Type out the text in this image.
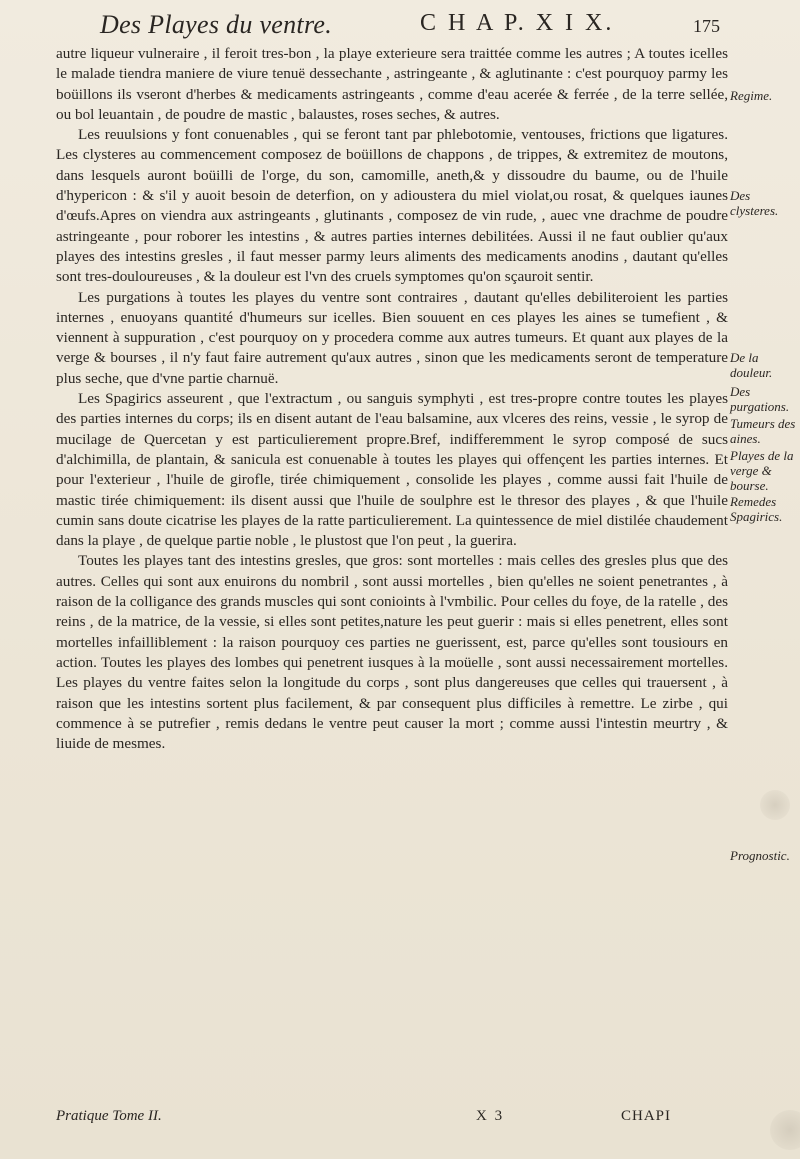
Des Playes du ventre.	C H A P. X I X.	175

autre liqueur vulneraire , il feroit tres-bon , la playe exterieure sera traittée comme les autres ; A toutes icelles le malade tiendra maniere de viure tenuë dessechante , astringeante , & aglutinante : c'est pourquoy parmy les boüillons ils vseront d'herbes & medicaments astringeants , comme d'eau acerée & ferrée , de la terre sellée, ou bol leuantain , de poudre de mastic , balaustes, roses seches, & autres.

Les reuulsions y font conuenables , qui se feront tant par phlebotomie, ventouses, frictions que ligatures. Les clysteres au commencement composez de boüillons de chappons , de trippes, & extremitez de moutons, dans lesquels auront boüilli de l'orge, du son, camomille, aneth,& y dissoudre du baume, ou de l'huile d'hypericon : & s'il y auoit besoin de deterfion, on y adioustera du miel violat,ou rosat, & quelques iaunes d'œufs.Apres on viendra aux astringeants , glutinants , composez de vin rude, , auec vne drachme de poudre astringeante , pour roborer les intestins , & autres parties internes debilitées. Aussi il ne faut oublier qu'aux playes des intestins gresles , il faut messer parmy leurs aliments des medicaments anodins , dautant qu'elles sont tres-douloureuses , & la douleur est l'vn des cruels symptomes qu'on sçauroit sentir.

Les purgations à toutes les playes du ventre sont contraires , dautant qu'elles debiliteroient les parties internes , enuoyans quantité d'humeurs sur icelles. Bien souuent en ces playes les aines se tumefient , & viennent à suppuration , c'est pourquoy on y procedera comme aux autres tumeurs. Et quant aux playes de la verge & bourses , il n'y faut faire autrement qu'aux autres , sinon que les medicaments seront de temperature plus seche, que d'vne partie charnuë.

Les Spagirics asseurent , que l'extractum , ou sanguis symphyti , est tres-propre contre toutes les playes des parties internes du corps; ils en disent autant de l'eau balsamine, aux vlceres des reins, vessie , le syrop de mucilage de Quercetan y est particulierement propre.Bref, indifferemment le syrop composé de sucs d'alchimilla, de plantain, & sanicula est conuenable à toutes les playes qui offençent les parties internes. Et pour l'exterieur , l'huile de girofle, tirée chimiquement , consolide les playes , comme aussi fait l'huile de mastic tirée chimiquement: ils disent aussi que l'huile de soulphre est le thresor des playes , & que l'huile cumin sans doute cicatrise les playes de la ratte particulierement. La quintessence de miel distilée chaudement dans la playe , de quelque partie noble , le plustost que l'on peut , la guerira.

Toutes les playes tant des intestins gresles, que gros: sont mortelles : mais celles des gresles plus que des autres. Celles qui sont aux enuirons du nombril , sont aussi mortelles , bien qu'elles ne soient penetrantes , à raison de la colligance des grands muscles qui sont conioints à l'vmbilic. Pour celles du foye, de la ratelle , des reins , de la matrice, de la vessie, si elles sont petites,nature les peut guerir : mais si elles penetrent, elles sont mortelles infailliblement : la raison pourquoy ces parties ne guerissent, est, parce qu'elles sont tousiours en action. Toutes les playes des lombes qui penetrent iusques à la moüelle , sont aussi necessairement mortelles. Les playes du ventre faites selon la longitude du corps , sont plus dangereuses que celles qui trauersent , à raison que les intestins sortent plus facilement, & par consequent plus difficiles à remettre. Le zirbe , qui commence à se putrefier , remis dedans le ventre peut causer la mort ; comme aussi l'intestin meurtry , & liuide de mesmes.

Regime.
Des clysteres.
De la douleur.
Des purgations.
Tumeurs des aines.
Playes de la verge & bourse.
Remedes Spagirics.
Prognostic.
Pratique Tome II.	X 3	CHAPI
